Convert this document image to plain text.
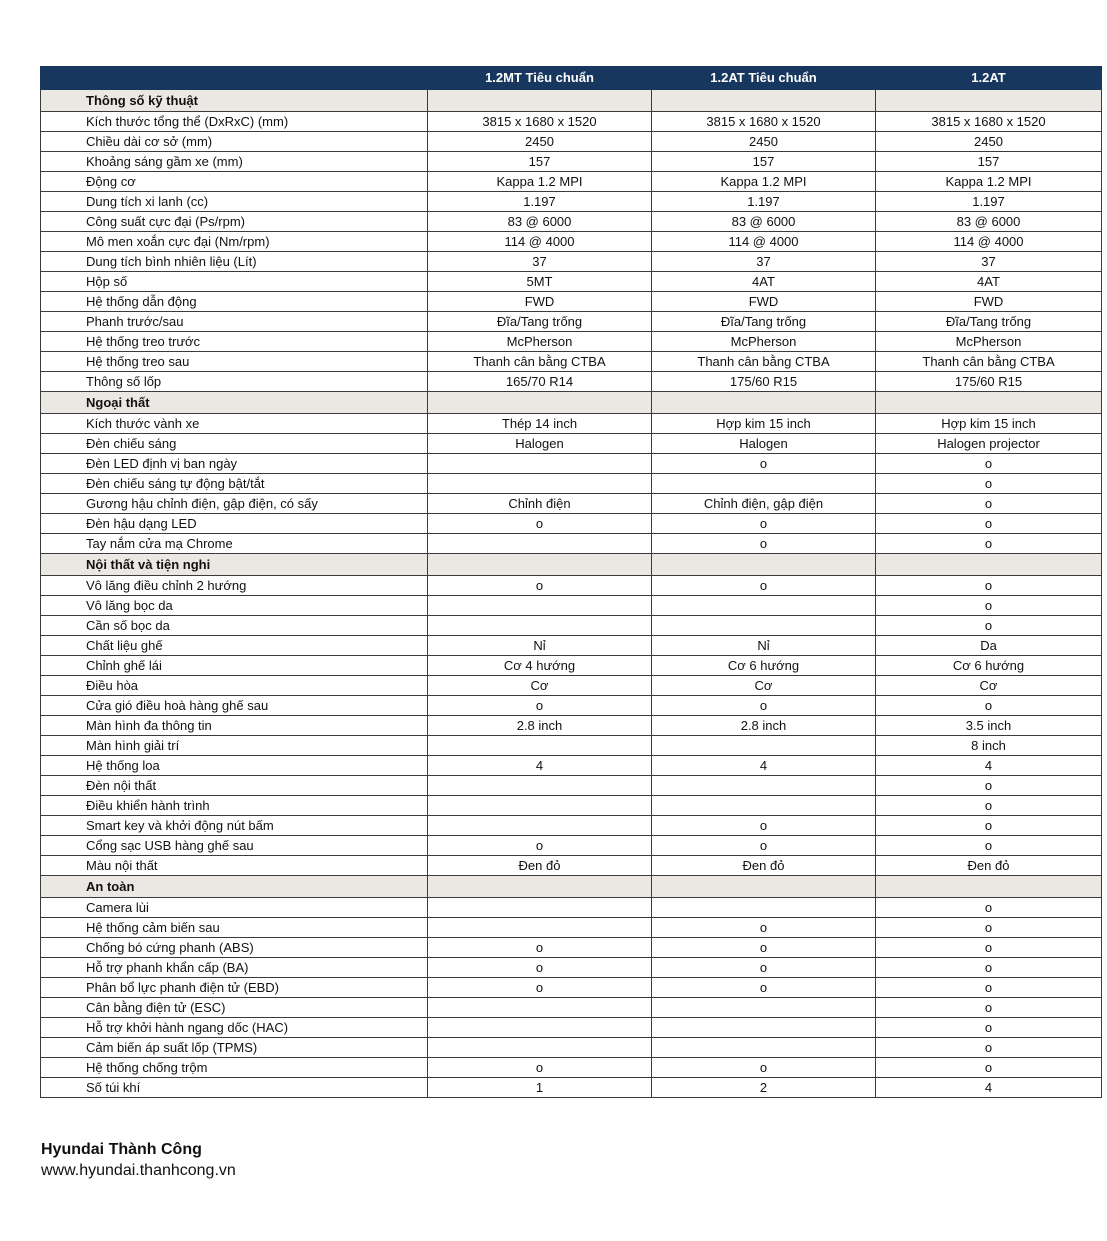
	1.2MT Tiêu chuẩn	1.2AT Tiêu chuẩn	1.2AT
Thông số kỹ thuật			
Kích thước tổng thể (DxRxC) (mm)	3815 x 1680 x 1520	3815 x 1680 x 1520	3815 x 1680 x 1520
Chiều dài cơ sở (mm)	2450	2450	2450
Khoảng sáng gầm xe (mm)	157	157	157
Động cơ	Kappa 1.2 MPI	Kappa 1.2 MPI	Kappa 1.2 MPI
Dung tích xi lanh (cc)	1.197	1.197	1.197
Công suất cực đại (Ps/rpm)	83 @ 6000	83 @ 6000	83 @ 6000
Mô men xoắn cực đại (Nm/rpm)	114 @ 4000	114 @ 4000	114 @ 4000
Dung tích bình nhiên liệu (Lít)	37	37	37
Hộp số	5MT	4AT	4AT
Hệ thống dẫn động	FWD	FWD	FWD
Phanh trước/sau	Đĩa/Tang trống	Đĩa/Tang trống	Đĩa/Tang trống
Hệ thống treo trước	McPherson	McPherson	McPherson
Hệ thống treo sau	Thanh cân bằng CTBA	Thanh cân bằng CTBA	Thanh cân bằng CTBA
Thông số lốp	165/70 R14	175/60 R15	175/60 R15
Ngoại thất			
Kích thước vành xe	Thép 14 inch	Hợp kim 15 inch	Hợp kim 15 inch
Đèn chiếu sáng	Halogen	Halogen	Halogen projector
Đèn LED định vị ban ngày		o	o
Đèn chiếu sáng tự động bật/tắt			o
Gương hậu chỉnh điện, gập điện, có sấy	Chỉnh điện	Chỉnh điện, gập điện	o
Đèn hậu dạng LED	o	o	o
Tay nắm cửa mạ Chrome		o	o
Nội thất và tiện nghi			
Vô lăng điều chỉnh 2 hướng	o	o	o
Vô lăng bọc da			o
Cần số bọc da			o
Chất liệu ghế	Nỉ	Nỉ	Da
Chỉnh ghế lái	Cơ 4 hướng	Cơ 6 hướng	Cơ 6 hướng
Điều hòa	Cơ	Cơ	Cơ
Cửa gió điều hoà hàng ghế sau	o	o	o
Màn hình đa thông tin	2.8 inch	2.8 inch	3.5 inch
Màn hình giải trí			8 inch
Hệ thống loa	4	4	4
Đèn nội thất			o
Điều khiển hành trình			o
Smart key và khởi động nút bấm		o	o
Cổng sạc USB hàng ghế sau	o	o	o
Màu nội thất	Đen đỏ	Đen đỏ	Đen đỏ
An toàn			
Camera lùi			o
Hệ thống cảm biến sau		o	o
Chống bó cứng phanh (ABS)	o	o	o
Hỗ trợ phanh khẩn cấp (BA)	o	o	o
Phân bổ lực phanh điện tử (EBD)	o	o	o
Cân bằng điện tử (ESC)			o
Hỗ trợ khởi hành ngang dốc (HAC)			o
Cảm biến áp suất lốp (TPMS)			o
Hệ thống chống trộm	o	o	o
Số túi khí	1	2	4
Hyundai Thành Công
www.hyundai.thanhcong.vn
